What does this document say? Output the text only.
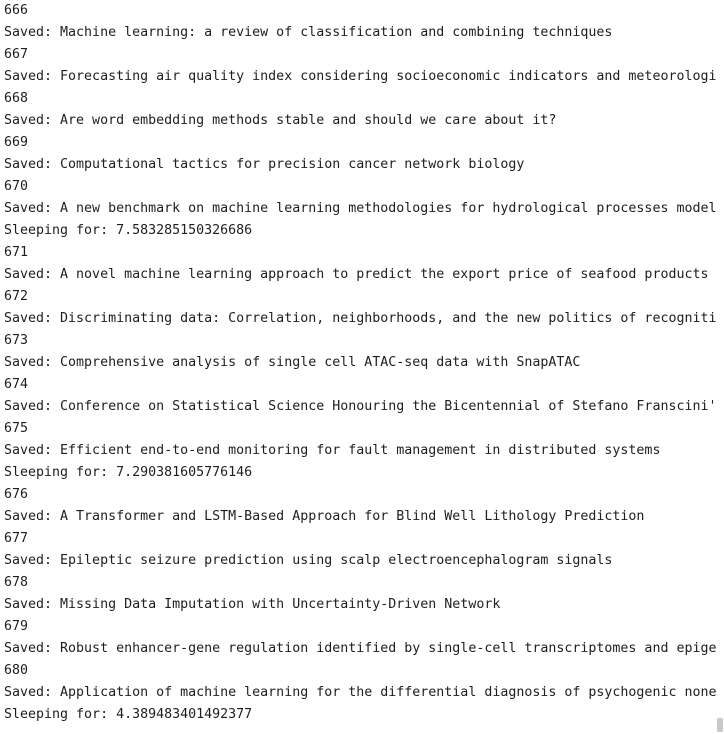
666
Saved: Machine learning: a review of classification and combining techniques
667
Saved: Forecasting air quality index considering socioeconomic indicators and meteorologi
668
Saved: Are word embedding methods stable and should we care about it?
669
Saved: Computational tactics for precision cancer network biology
670
Saved: A new benchmark on machine learning methodologies for hydrological processes model
Sleeping for: 7.583285150326686
671
Saved: A novel machine learning approach to predict the export price of seafood products
672
Saved: Discriminating data: Correlation, neighborhoods, and the new politics of recogniti
673
Saved: Comprehensive analysis of single cell ATAC-seq data with SnapATAC
674
Saved: Conference on Statistical Science Honouring the Bicentennial of Stefano Franscini'
675
Saved: Efficient end-to-end monitoring for fault management in distributed systems
Sleeping for: 7.290381605776146
676
Saved: A Transformer and LSTM-Based Approach for Blind Well Lithology Prediction
677
Saved: Epileptic seizure prediction using scalp electroencephalogram signals
678
Saved: Missing Data Imputation with Uncertainty-Driven Network
679
Saved: Robust enhancer-gene regulation identified by single-cell transcriptomes and epige
680
Saved: Application of machine learning for the differential diagnosis of psychogenic none
Sleeping for: 4.389483401492377
